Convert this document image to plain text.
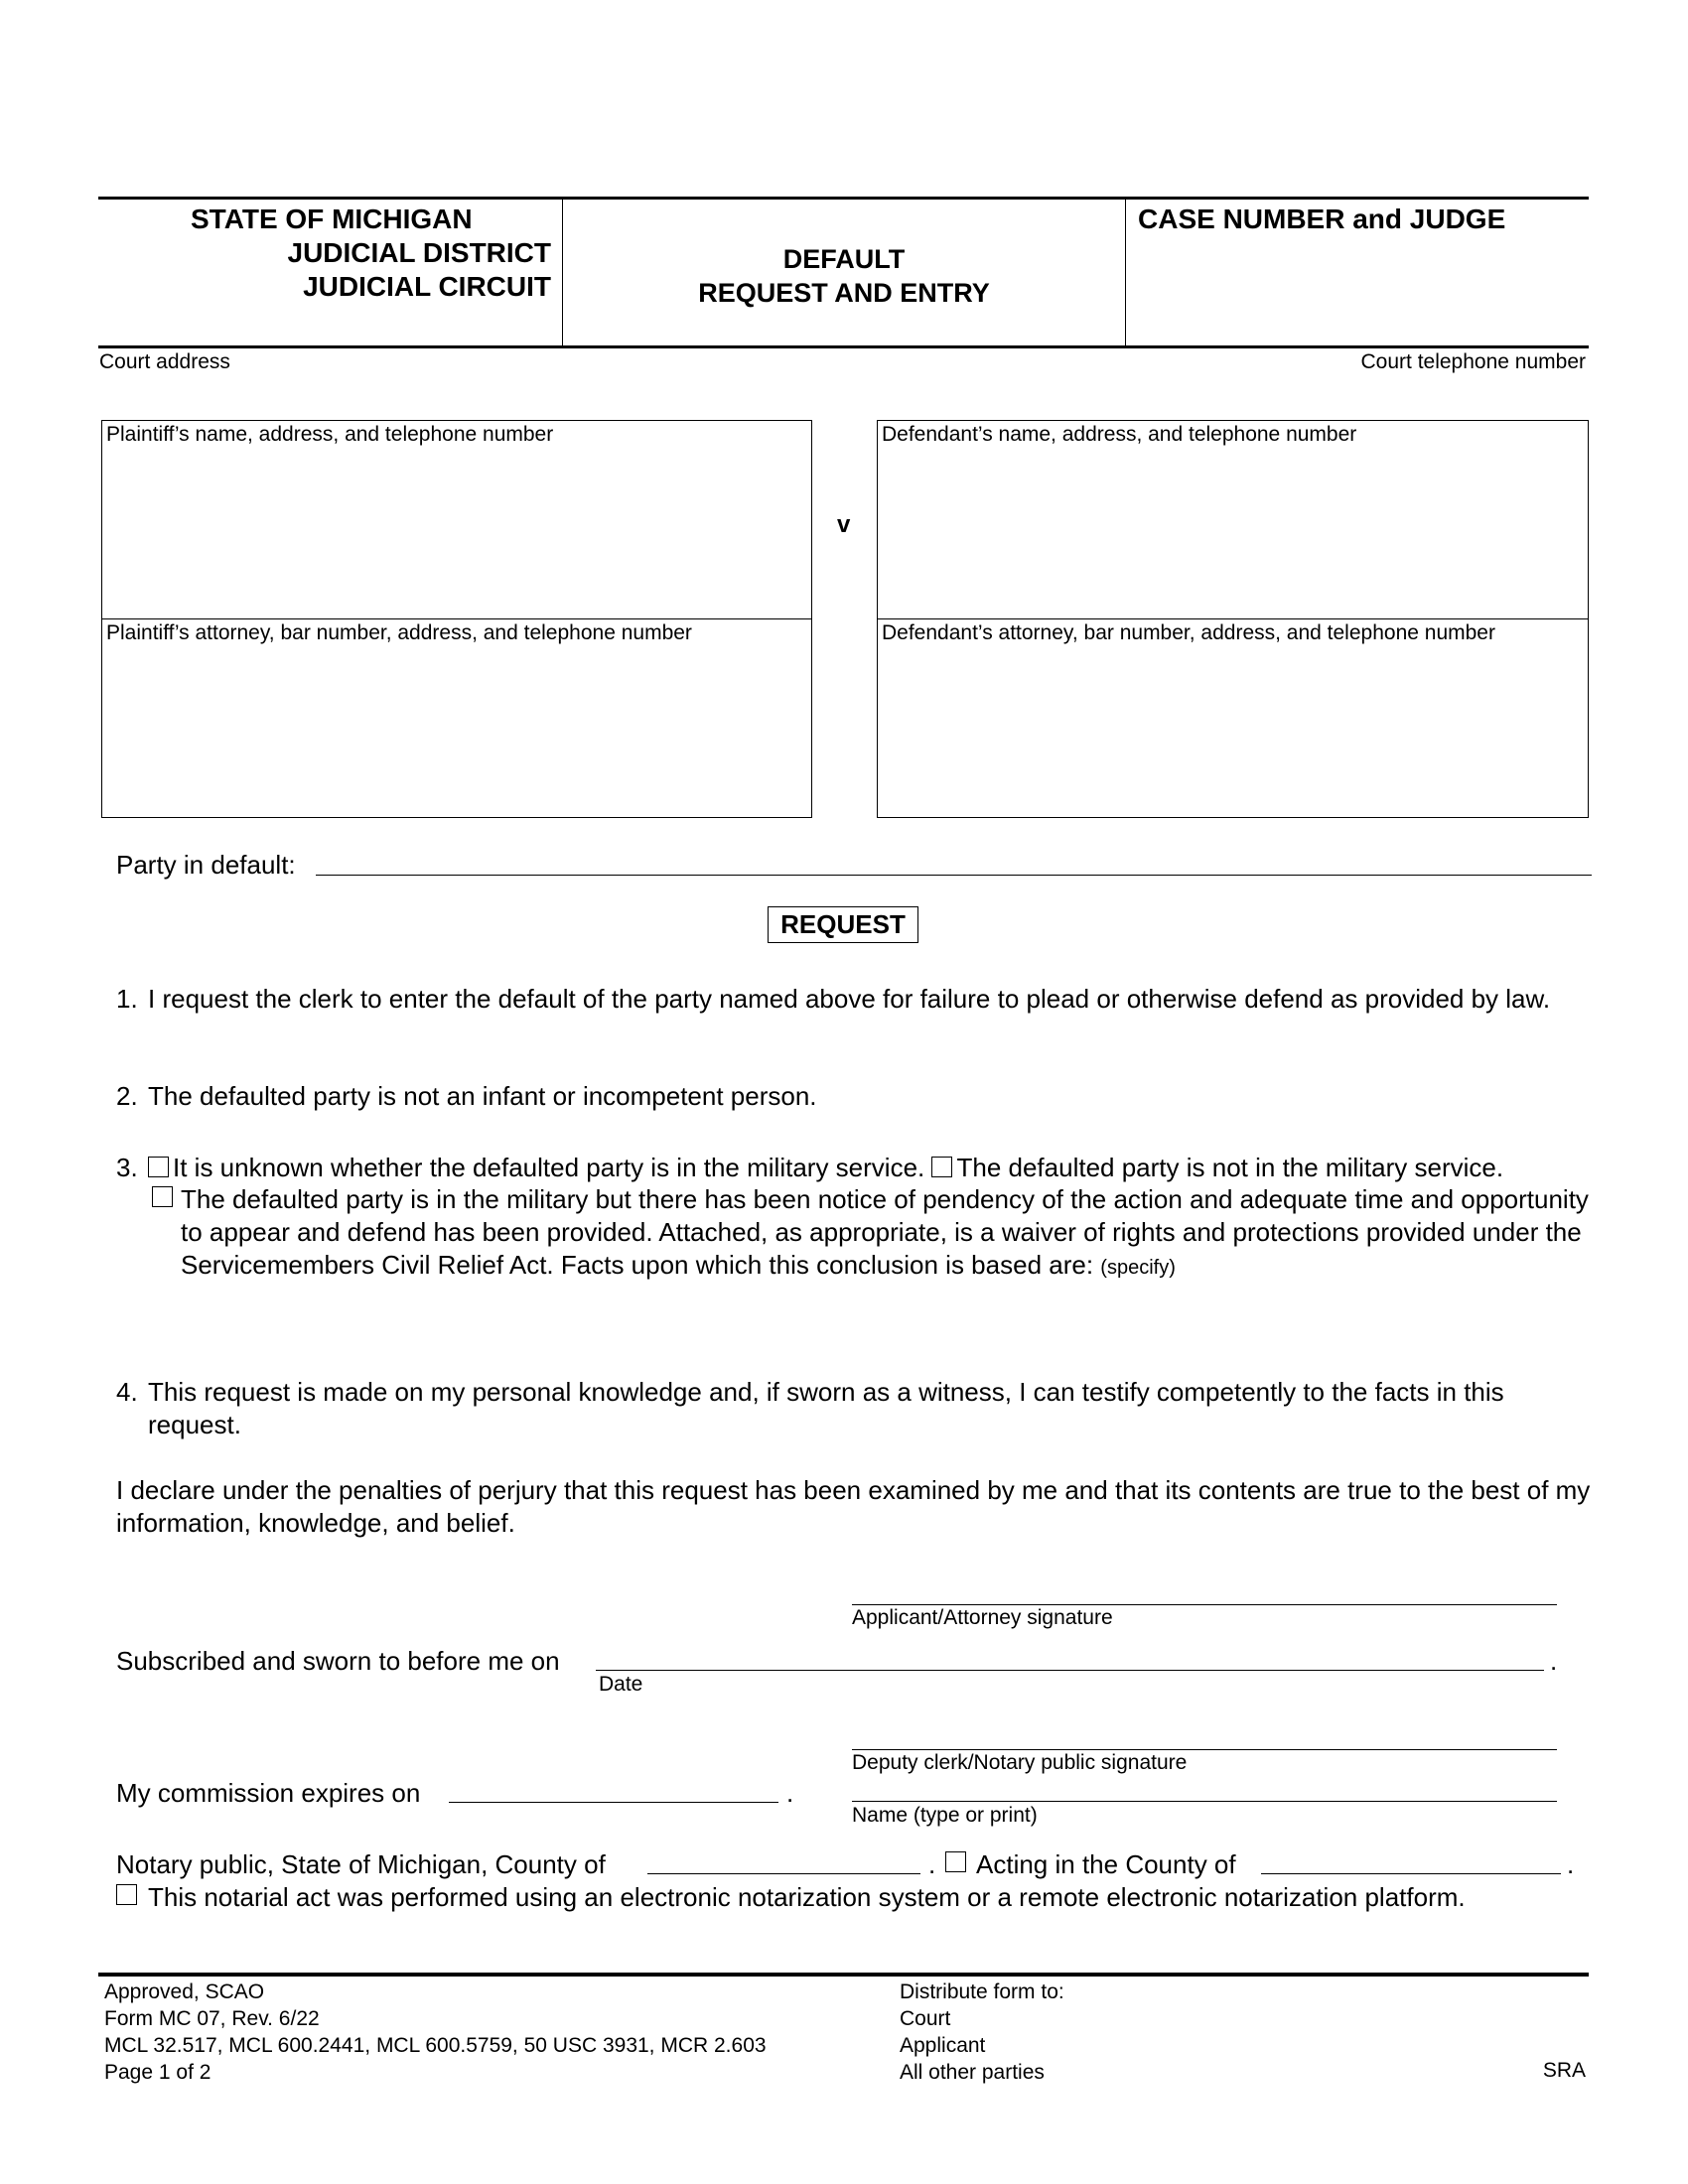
STATE OF MICHIGAN
JUDICIAL DISTRICT
JUDICIAL CIRCUIT
DEFAULT
REQUEST AND ENTRY
CASE NUMBER and JUDGE
Court address	Court telephone number
Plaintiff’s name, address, and telephone number
Plaintiff’s attorney, bar number, address, and telephone number
v
Defendant’s name, address, and telephone number
Defendant’s attorney, bar number, address, and telephone number
Party in default:
REQUEST
1. I request the clerk to enter the default of the party named above for failure to plead or otherwise defend as provided by law.
2. The defaulted party is not an infant or incompetent person.
3.	It is unknown whether the defaulted party is in the military service. The defaulted party is not in the military service.
The defaulted party is in the military but there has been notice of pendency of the action and adequate time and opportunity to appear and defend has been provided. Attached, as appropriate, is a waiver of rights and protections provided under the Servicemembers Civil Relief Act. Facts upon which this conclusion is based are: (specify)
4. This request is made on my personal knowledge and, if sworn as a witness, I can testify competently to the facts in this request.
I declare under the penalties of perjury that this request has been examined by me and that its contents are true to the best of my information, knowledge, and belief.
Applicant/Attorney signature
Subscribed and sworn to before me on	.
Date
Deputy clerk/Notary public signature
My commission expires on	.
Name (type or print)
Notary public, State of Michigan, County of	. Acting in the County of	.
This notarial act was performed using an electronic notarization system or a remote electronic notarization platform.
Approved, SCAO
Form MC 07, Rev. 6/22
MCL 32.517, MCL 600.2441, MCL 600.5759, 50 USC 3931, MCR 2.603
Page 1 of 2
Distribute form to:
Court
Applicant
All other parties	SRA
